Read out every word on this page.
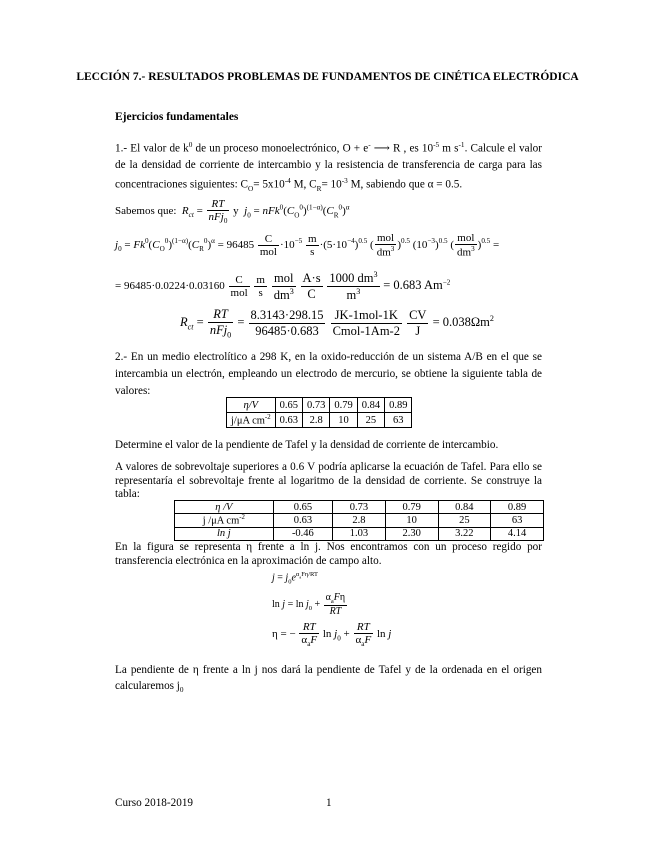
LECCIÓN 7.- RESULTADOS PROBLEMAS DE FUNDAMENTOS DE CINÉTICA ELECTRÓDICA
Ejercicios fundamentales
1.- El valor de $k^0$ de un proceso monoelectrónico, O + e- ⟶ R , es $10^{-5}$ m $s^{-1}$. Calcule el valor de la densidad de corriente de intercambio y la resistencia de transferencia de carga para las concentraciones siguientes: $C_O= 5x10^{-4}$ M, $C_R= 10^{-3}$ M, sabiendo que α = 0.5.
Sabemos que: $R_{ct} = \frac{RT}{nFj_0}$ y  $j_0 = nFk^0(C_O^0)^{(1-\alpha)}(C_R^0)^\alpha$
$j_0 = Fk^0(C_O^0)^{(1-\alpha)}(C_R^0)^\alpha = 96485 \frac{C}{\text{mol}} \cdot 10^{-5} \frac{m}{s} \cdot(5\cdot 10^{-4})^{0.5}$ ( $\frac{\text{mol}}{dm^3} )^{0.5}$ $(10^{-3})^{0.5}$ ( $\frac{\text{mol}}{dm^3} )^{0.5}$ =
= $96485\cdot 0.0224\cdot 0.03160 \frac{C}{\text{mol}}$
$\frac{m}{s}$
$\frac{\text{mol}}{dm^3}$
$\frac{A\cdot s}{C}$
$\frac{1000 dm^3}{m^3} = 0.683$ $Am^{-2}$
$R_{ct} = \frac{RT}{nFj_0} = \frac{8.3143\cdot 298.15}{96485\cdot 0.683}$
$\frac{\text{JK-1mol-1K}}{\text{Cmol-1Am-2}}$
$\frac{CV}{J} = 0.038\Omega m^2$
2.- En un medio electrolítico a 298 K, en la oxido-reducción de un sistema A/B en el que se intercambia un electrón, empleando un electrodo de mercurio, se obtiene la siguiente tabla de valores:
η/V	0.65	0.73	0.79	0.84	0.89
j/μA $cm^{-2}$	0.63	2.8	10	25	63
Determine el valor de la pendiente de Tafel y la densidad de corriente de intercambio.
A valores de sobrevoltaje superiores a 0.6 V podría aplicarse la ecuación de Tafel. Para ello se representaría el sobrevoltaje frente al logaritmo de la densidad de corriente. Se construye la tabla:
η /V	0.65	0.73	0.79	0.84	0.89
j /μA $cm^{-2}$	0.63	2.8	10	25	63
ln j	-0.46	1.03	2.30	3.22	4.14
En la figura se representa η frente a ln j. Nos encontramos con un proceso regido por transferencia electrónica en la aproximación de campo alto.
$j = j_0e^{\alpha_aF\eta/RT}$
$\ln j = \ln j_0 + \frac{\alpha_aF\eta}{RT}$
η = − $\frac{RT}{\alpha_aF}$ $\ln j_0 + \frac{RT}{\alpha_aF}$ ln j
La pendiente de η frente a ln j nos dará la pendiente de Tafel y de la ordenada en el origen calcularemos $j_0$
Curso 2018-2019	1
